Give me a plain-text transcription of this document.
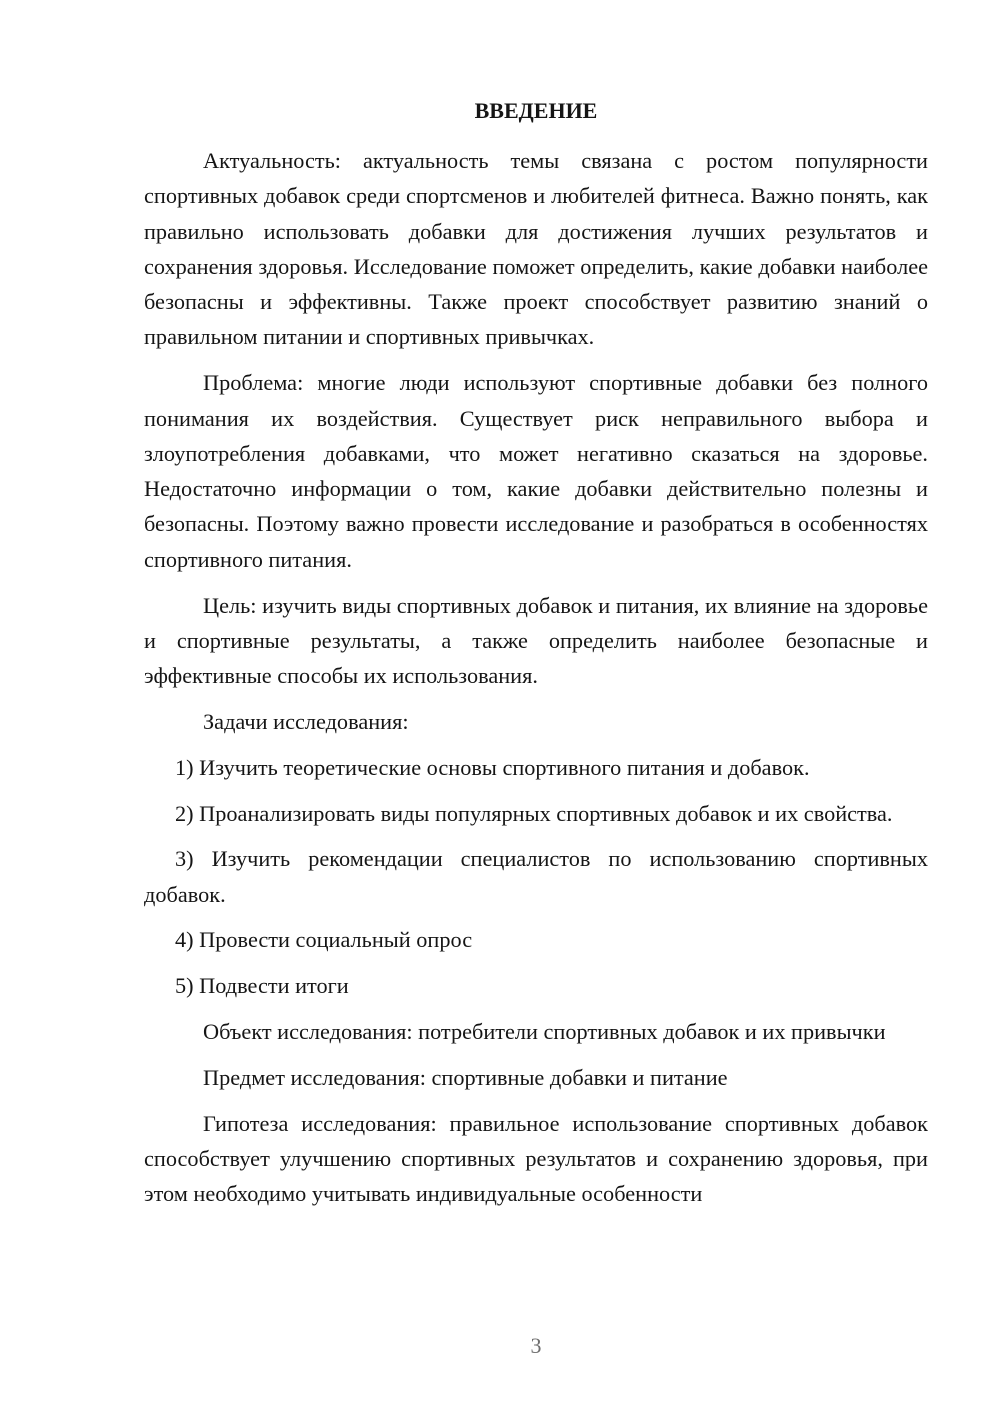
ВВЕДЕНИЕ

Актуальность: актуальность темы связана с ростом популярности спортивных добавок среди спортсменов и любителей фитнеса. Важно понять, как правильно использовать добавки для достижения лучших результатов и сохранения здоровья. Исследование поможет определить, какие добавки наиболее безопасны и эффективны. Также проект способствует развитию знаний о правильном питании и спортивных привычках.

Проблема: многие люди используют спортивные добавки без полного понимания их воздействия. Существует риск неправильного выбора и злоупотребления добавками, что может негативно сказаться на здоровье. Недостаточно информации о том, какие добавки действительно полезны и безопасны. Поэтому важно провести исследование и разобраться в особенностях спортивного питания.

Цель: изучить виды спортивных добавок и питания, их влияние на здоровье и спортивные результаты, а также определить наиболее безопасные и эффективные способы их использования.

Задачи исследования:

1) Изучить теоретические основы спортивного питания и добавок.

2) Проанализировать виды популярных спортивных добавок и их свойства.

3) Изучить рекомендации специалистов по использованию спортивных добавок.

4) Провести социальный опрос

5) Подвести итоги

Объект исследования: потребители спортивных добавок и их привычки

Предмет исследования: спортивные добавки и питание

Гипотеза исследования: правильное использование спортивных добавок способствует улучшению спортивных результатов и сохранению здоровья, при этом необходимо учитывать индивидуальные особенности

3
